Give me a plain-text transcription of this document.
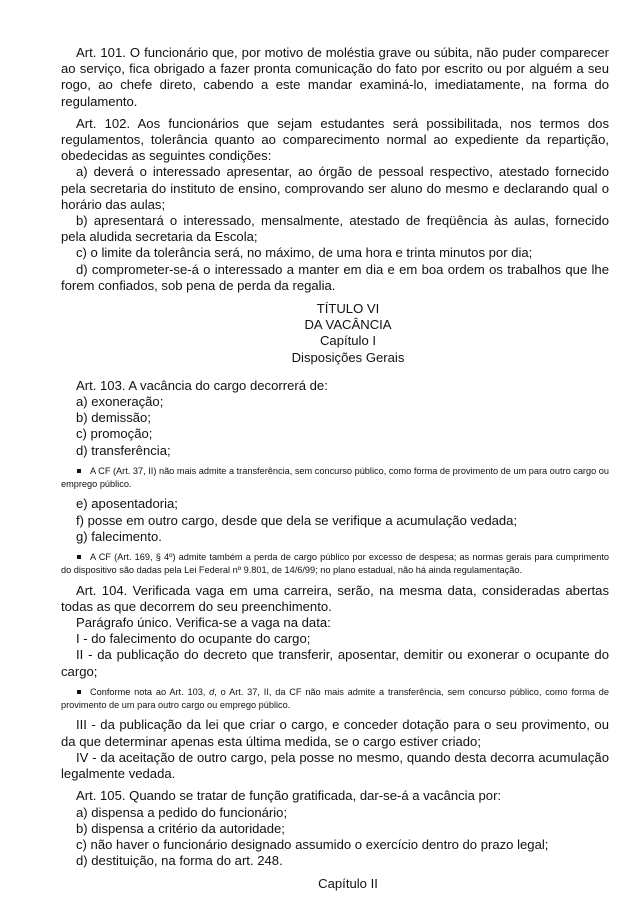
Art. 101. O funcionário que, por motivo de moléstia grave ou súbita, não puder comparecer ao serviço, fica obrigado a fazer pronta comunicação do fato por escrito ou por alguém a seu rogo, ao chefe direto, cabendo a este mandar examiná-lo, imediatamente, na forma do regulamento.

Art. 102. Aos funcionários que sejam estudantes será possibilitada, nos termos dos regulamentos, tolerância quanto ao comparecimento normal ao expediente da repartição, obedecidas as seguintes condições:

a) deverá o interessado apresentar, ao órgão de pessoal respectivo, atestado fornecido pela secretaria do instituto de ensino, comprovando ser aluno do mesmo e declarando qual o horário das aulas;

b) apresentará o interessado, mensalmente, atestado de freqüência às aulas, fornecido pela aludida secretaria da Escola;

c) o limite da tolerância será, no máximo, de uma hora e trinta minutos por dia;

d) comprometer-se-á o interessado a manter em dia e em boa ordem os trabalhos que lhe forem confiados, sob pena de perda da regalia.

TÍTULO VI

DA VACÂNCIA

Capítulo I

Disposições Gerais

Art. 103. A vacância do cargo decorrerá de:

a) exoneração;

b) demissão;

c) promoção;

d) transferência;

A CF (Art. 37, II) não mais admite a transferência, sem concurso público, como forma de provimento de um para outro cargo ou emprego público.

e) aposentadoria;

f) posse em outro cargo, desde que dela se verifique a acumulação vedada;

g) falecimento.

A CF (Art. 169, § 4º) admite também a perda de cargo público por excesso de despesa; as normas gerais para cumprimento do dispositivo são dadas pela Lei Federal nº 9.801, de 14/6/99; no plano estadual, não há ainda regulamentação.

Art. 104. Verificada vaga em uma carreira, serão, na mesma data, consideradas abertas todas as que decorrem do seu preenchimento.

Parágrafo único. Verifica-se a vaga na data:

I - do falecimento do ocupante do cargo;

II - da publicação do decreto que transferir, aposentar, demitir ou exonerar o ocupante do cargo;

Conforme nota ao Art. 103, d, o Art. 37, II, da CF não mais admite a transferência, sem concurso público, como forma de provimento de um para outro cargo ou emprego público.

III - da publicação da lei que criar o cargo, e conceder dotação para o seu provimento, ou da que determinar apenas esta última medida, se o cargo estiver criado;

IV - da aceitação de outro cargo, pela posse no mesmo, quando desta decorra acumulação legalmente vedada.

Art. 105. Quando se tratar de função gratificada, dar-se-á a vacância por:

a) dispensa a pedido do funcionário;

b) dispensa a critério da autoridade;

c) não haver o funcionário designado assumido o exercício dentro do prazo legal;

d) destituição, na forma do art. 248.

Capítulo II
